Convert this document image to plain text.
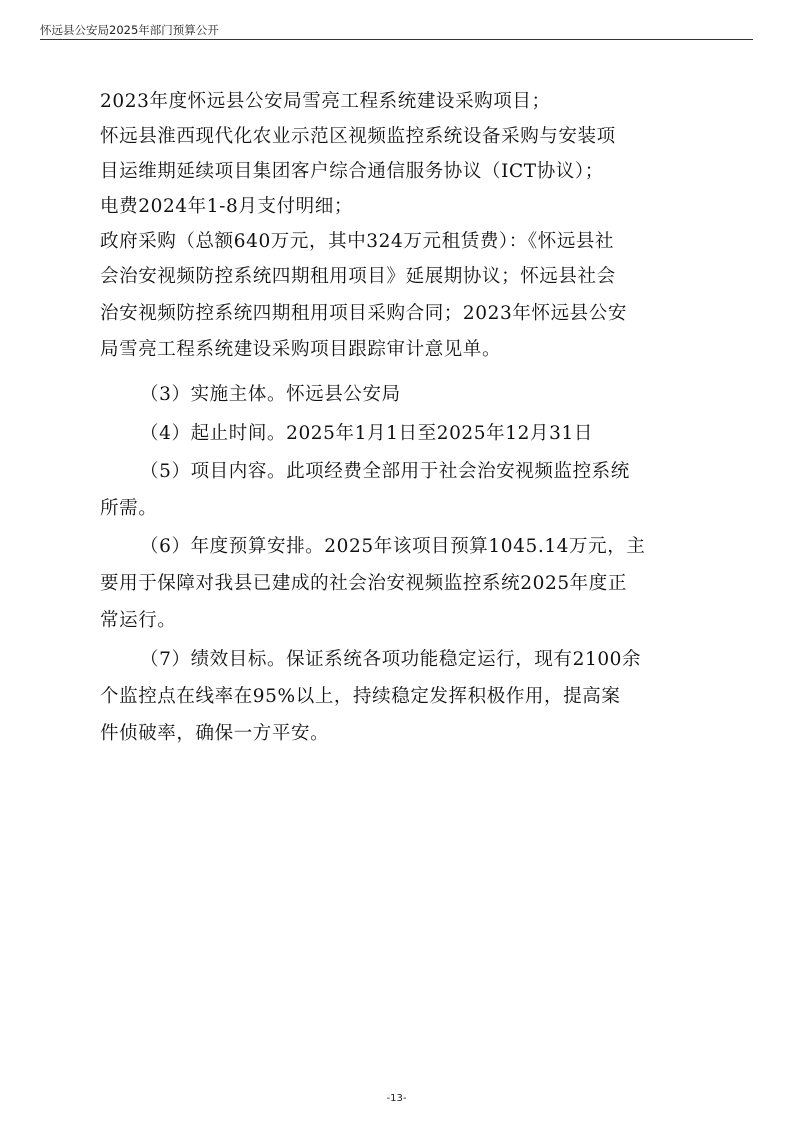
怀远县公安局2025年部门预算公开
2023年度怀远县公安局雪亮工程系统建设采购项目；
怀远县淮西现代化农业示范区视频监控系统设备采购与安装项
目运维期延续项目集团客户综合通信服务协议（ICT协议）；
电费2024年1-8月支付明细；
政府采购（总额640万元，其中324万元租赁费）：《怀远县社
会治安视频防控系统四期租用项目》延展期协议；怀远县社会
治安视频防控系统四期租用项目采购合同；2023年怀远县公安
局雪亮工程系统建设采购项目跟踪审计意见单。
（3）实施主体。怀远县公安局
（4）起止时间。2025年1月1日至2025年12月31日
（5）项目内容。此项经费全部用于社会治安视频监控系统
所需。
（6）年度预算安排。2025年该项目预算1045.14万元，主
要用于保障对我县已建成的社会治安视频监控系统2025年度正
常运行。
（7）绩效目标。保证系统各项功能稳定运行，现有2100余
个监控点在线率在95%以上，持续稳定发挥积极作用，提高案
件侦破率，确保一方平安。
-13-
